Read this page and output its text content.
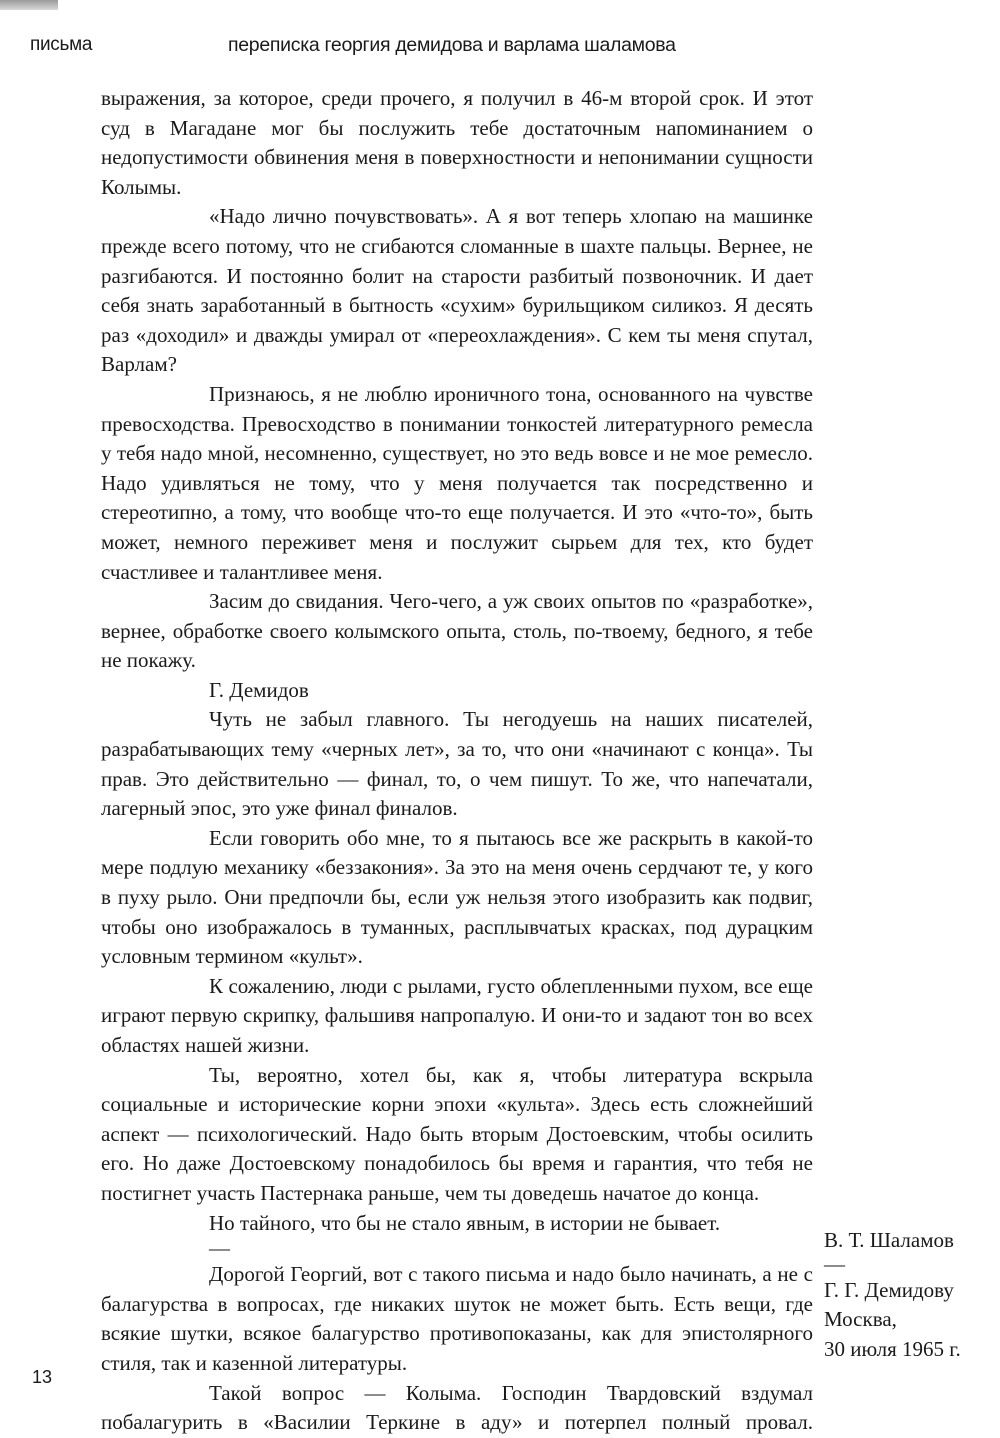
письма	переписка георгия демидова и варлама шаламова

выражения, за которое, среди прочего, я получил в 46-м второй срок. И этот суд в Магадане мог бы послужить тебе достаточным напоминанием о недопустимости обвинения меня в поверхностности и непонимании сущности Колымы.

«Надо лично почувствовать». А я вот теперь хлопаю на машинке прежде всего потому, что не сгибаются сломанные в шахте пальцы. Вернее, не разгибаются. И постоянно болит на старости разбитый позвоночник. И дает себя знать заработанный в бытность «сухим» бурильщиком силикоз. Я десять раз «доходил» и дважды умирал от «переохлаждения». С кем ты меня спутал, Варлам?

Признаюсь, я не люблю ироничного тона, основанного на чувстве превосходства. Превосходство в понимании тонкостей литературного ремесла у тебя надо мной, несомненно, существует, но это ведь вовсе и не мое ремесло. Надо удивляться не тому, что у меня получается так посредственно и стереотипно, а тому, что вообще что-то еще получается. И это «что-то», быть может, немного переживет меня и послужит сырьем для тех, кто будет счастливее и талантливее меня.

Засим до свидания. Чего-чего, а уж своих опытов по «разработке», вернее, обработке своего колымского опыта, столь, по-твоему, бедного, я тебе не покажу.

Г. Демидов

Чуть не забыл главного. Ты негодуешь на наших писателей, разрабатывающих тему «черных лет», за то, что они «начинают с конца». Ты прав. Это действительно — финал, то, о чем пишут. То же, что напечатали, лагерный эпос, это уже финал финалов.

Если говорить обо мне, то я пытаюсь все же раскрыть в какой-то мере подлую механику «беззакония». За это на меня очень сердчают те, у кого в пуху рыло. Они предпочли бы, если уж нельзя этого изобразить как подвиг, чтобы оно изображалось в туманных, расплывчатых красках, под дурацким условным термином «культ».

К сожалению, люди с рылами, густо облепленными пухом, все еще играют первую скрипку, фальшивя напропалую. И они-то и задают тон во всех областях нашей жизни.

Ты, вероятно, хотел бы, как я, чтобы литература вскрыла социальные и исторические корни эпохи «культа». Здесь есть сложнейший аспект — психологический. Надо быть вторым Достоевским, чтобы осилить его. Но даже Достоевскому понадобилось бы время и гарантия, что тебя не постигнет участь Пастернака раньше, чем ты доведешь начатое до конца.

Но тайного, что бы не стало явным, в истории не бывает.

—

Дорогой Георгий, вот с такого письма и надо было начинать, а не с балагурства в вопросах, где никаких шуток не может быть. Есть вещи, где всякие шутки, всякое балагурство противопоказаны, как для эпистолярного стиля, так и казенной литературы.

Такой вопрос — Колыма. Господин Твардовский вздумал побалагурить в «Василии Теркине в аду» и потерпел полный провал.

В. Т. Шаламов
—
Г. Г. Демидову
Москва,
30 июля 1965 г.
13
